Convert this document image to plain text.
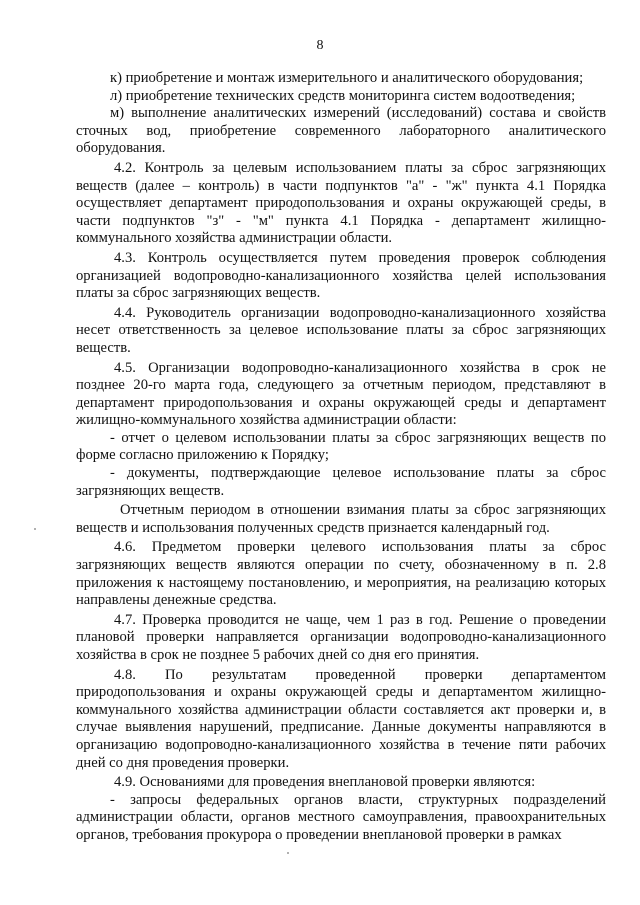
8

к) приобретение и монтаж измерительного и аналитического оборудования;

л) приобретение технических средств мониторинга систем водоотведения;

м) выполнение аналитических измерений (исследований) состава и свойств сточных вод, приобретение современного лабораторного аналитического оборудования.

4.2. Контроль за целевым использованием платы за сброс загрязняющих веществ (далее – контроль) в части подпунктов "а" - "ж" пункта 4.1 Порядка осуществляет департамент природопользования и охраны окружающей среды, в части подпунктов "з" - "м" пункта 4.1 Порядка - департамент жилищно-коммунального хозяйства администрации области.

4.3. Контроль осуществляется путем проведения проверок соблюдения организацией водопроводно-канализационного хозяйства целей использования платы за сброс загрязняющих веществ.

4.4. Руководитель организации водопроводно-канализационного хозяйства несет ответственность за целевое использование платы за сброс загрязняющих веществ.

4.5. Организации водопроводно-канализационного хозяйства в срок не позднее 20-го марта года, следующего за отчетным периодом, представляют в департамент природопользования и охраны окружающей среды и департамент жилищно-коммунального хозяйства администрации области:

- отчет о целевом использовании платы за сброс загрязняющих веществ по форме согласно приложению к Порядку;

- документы, подтверждающие целевое использование платы за сброс загрязняющих веществ.

Отчетным периодом в отношении взимания платы за сброс загрязняющих веществ и использования полученных средств признается календарный год.

4.6. Предметом проверки целевого использования платы за сброс загрязняющих веществ являются операции по счету, обозначенному в п. 2.8 приложения к настоящему постановлению, и мероприятия, на реализацию которых направлены денежные средства.

4.7. Проверка проводится не чаще, чем 1 раз в год. Решение о проведении плановой проверки направляется организации водопроводно-канализационного хозяйства в срок не позднее 5 рабочих дней со дня его принятия.

4.8. По результатам проведенной проверки департаментом природопользования и охраны окружающей среды и департаментом жилищно-коммунального хозяйства администрации области составляется акт проверки и, в случае выявления нарушений, предписание. Данные документы направляются в организацию водопроводно-канализационного хозяйства в течение пяти рабочих дней со дня проведения проверки.

4.9. Основаниями для проведения внеплановой проверки являются:

- запросы федеральных органов власти, структурных подразделений администрации области, органов местного самоуправления, правоохранительных органов, требования прокурора о проведении внеплановой проверки в рамках
